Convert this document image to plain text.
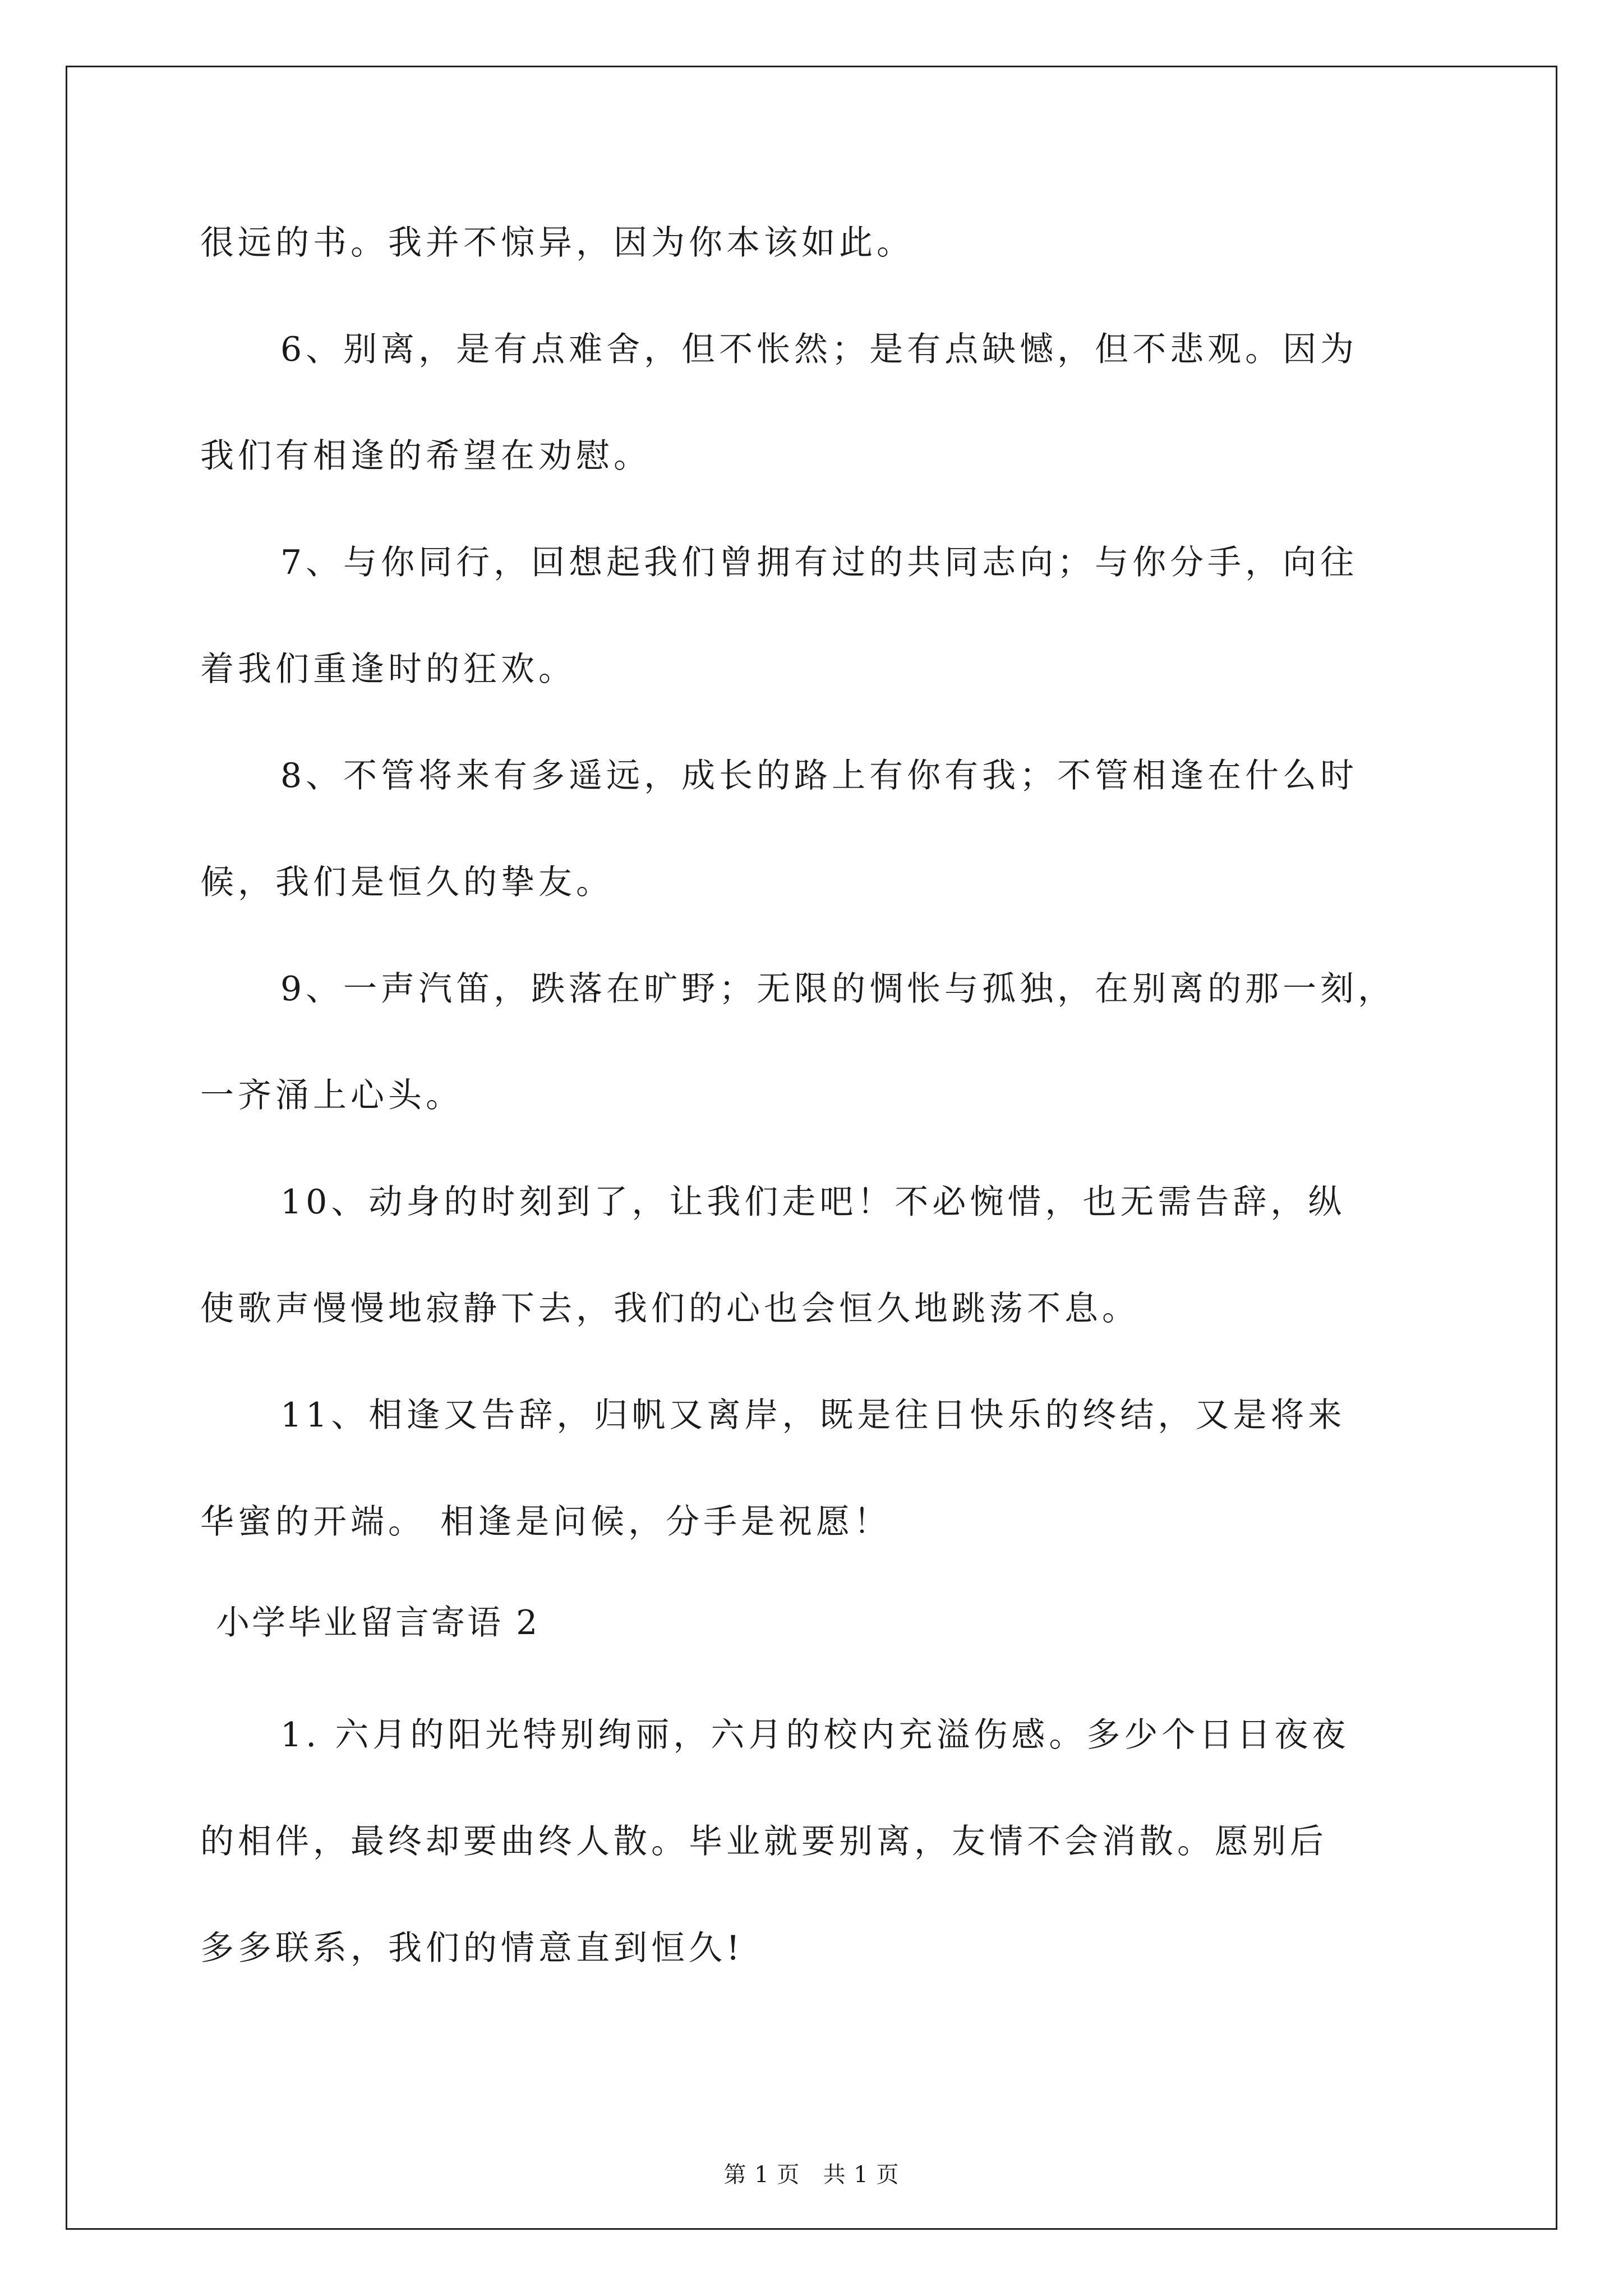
很远的书。我并不惊异，因为你本该如此。
6、别离，是有点难舍，但不怅然；是有点缺憾，但不悲观。因为
我们有相逢的希望在劝慰。
7、与你同行，回想起我们曾拥有过的共同志向；与你分手，向往
着我们重逢时的狂欢。
8、不管将来有多遥远，成长的路上有你有我；不管相逢在什么时
候，我们是恒久的挚友。
9、一声汽笛，跌落在旷野；无限的惆怅与孤独，在别离的那一刻，
一齐涌上心头。
10、动身的时刻到了，让我们走吧！不必惋惜，也无需告辞，纵
使歌声慢慢地寂静下去，我们的心也会恒久地跳荡不息。
11、相逢又告辞，归帆又离岸，既是往日快乐的终结，又是将来
华蜜的开端。 相逢是问候，分手是祝愿！
小学毕业留言寄语 2
1. 六月的阳光特别绚丽，六月的校内充溢伤感。多少个日日夜夜
的相伴，最终却要曲终人散。毕业就要别离，友情不会消散。愿别后
多多联系，我们的情意直到恒久!
第 1 页   共 1 页
